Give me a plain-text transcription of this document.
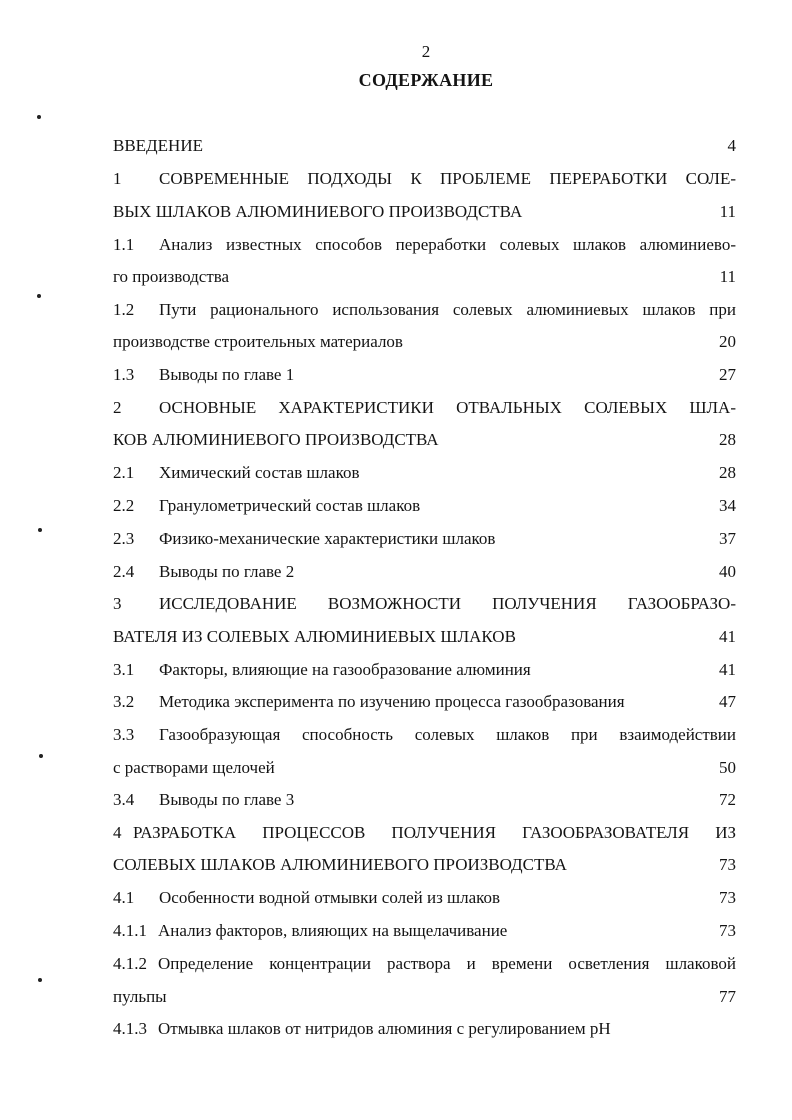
2
СОДЕРЖАНИЕ
ВВЕДЕНИЕ	4
1 СОВРЕМЕННЫЕ ПОДХОДЫ К ПРОБЛЕМЕ ПЕРЕРАБОТКИ СОЛЕ-
ВЫХ ШЛАКОВ АЛЮМИНИЕВОГО ПРОИЗВОДСТВА	11
1.1 Анализ известных способов переработки солевых шлаков алюминиево-
го производства	11
1.2 Пути рационального использования солевых алюминиевых шлаков при
производстве строительных материалов	20
1.3 Выводы по главе 1	27
2 ОСНОВНЫЕ ХАРАКТЕРИСТИКИ ОТВАЛЬНЫХ СОЛЕВЫХ ШЛА-
КОВ АЛЮМИНИЕВОГО ПРОИЗВОДСТВА	28
2.1 Химический состав шлаков	28
2.2 Гранулометрический состав шлаков	34
2.3 Физико-механические характеристики шлаков	37
2.4 Выводы по главе 2	40
3 ИССЛЕДОВАНИЕ ВОЗМОЖНОСТИ ПОЛУЧЕНИЯ ГАЗООБРАЗО-
ВАТЕЛЯ ИЗ СОЛЕВЫХ АЛЮМИНИЕВЫХ ШЛАКОВ	41
3.1 Факторы, влияющие на газообразование алюминия	41
3.2 Методика эксперимента по изучению процесса газообразования	47
3.3 Газообразующая способность солевых шлаков при взаимодействии
с растворами щелочей	50
3.4 Выводы по главе 3	72
4 РАЗРАБОТКА ПРОЦЕССОВ ПОЛУЧЕНИЯ ГАЗООБРАЗОВАТЕЛЯ ИЗ
СОЛЕВЫХ ШЛАКОВ АЛЮМИНИЕВОГО ПРОИЗВОДСТВА	73
4.1 Особенности водной отмывки солей из шлаков	73
4.1.1 Анализ факторов, влияющих на выщелачивание	73
4.1.2 Определение концентрации раствора и времени осветления шлаковой
пульпы	77
4.1.3 Отмывка шлаков от нитридов алюминия с регулированием pH
